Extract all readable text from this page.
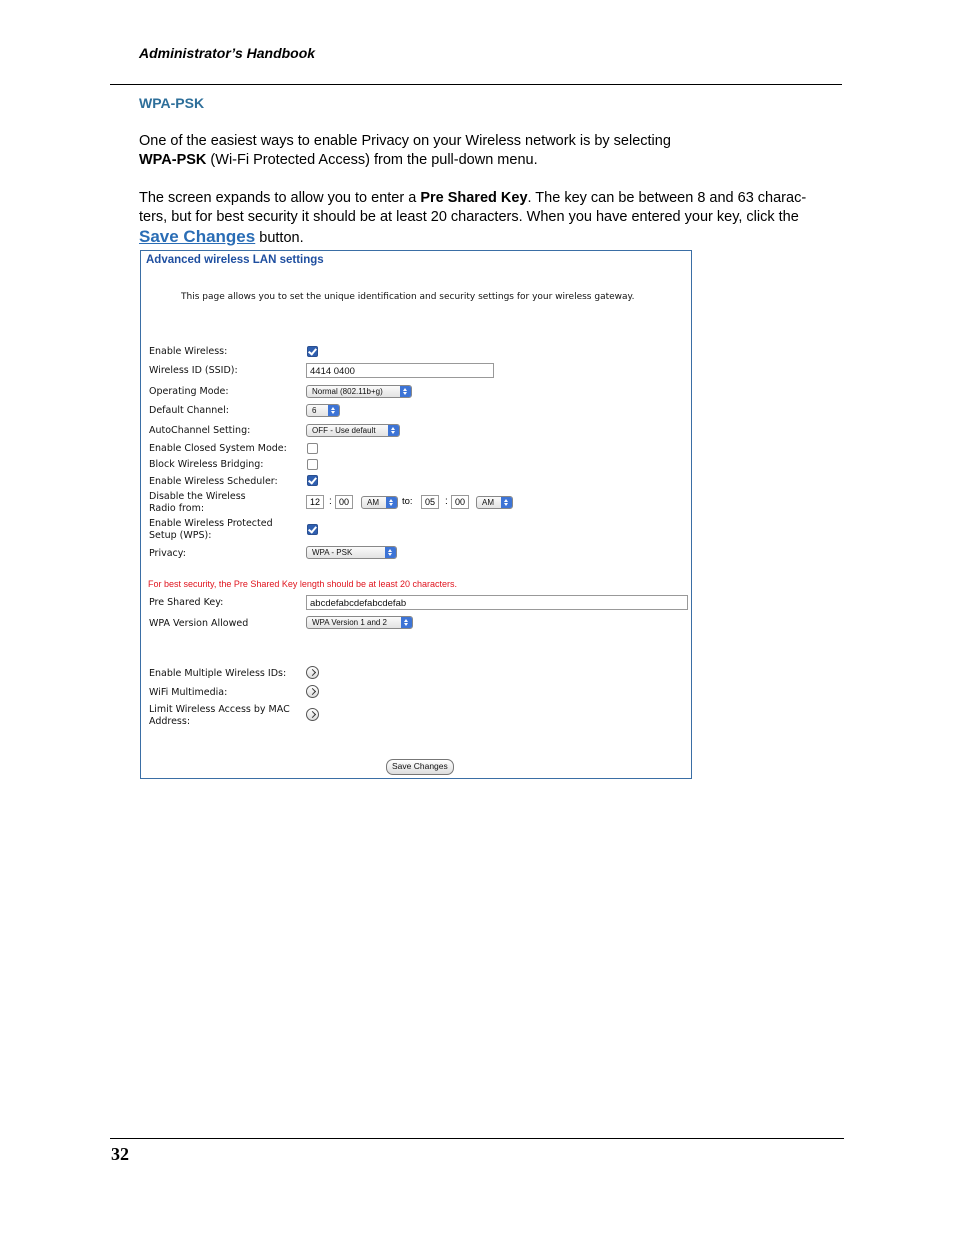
Administrator’s Handbook
WPA-PSK
One of the easiest ways to enable Privacy on your Wireless network is by selecting
WPA-PSK (Wi-Fi Protected Access) from the pull-down menu.
The screen expands to allow you to enter a Pre Shared Key. The key can be between 8 and 63 charac-
ters, but for best security it should be at least 20 characters. When you have entered your key, click the
Save Changes button.
Advanced wireless LAN settings
This page allows you to set the unique identification and security settings for your wireless gateway.
Enable Wireless:
Wireless ID (SSID):	4414 0400
Operating Mode:	Normal (802.11b+g)
Default Channel:	6
AutoChannel Setting:	OFF - Use default
Enable Closed System Mode:
Block Wireless Bridging:
Enable Wireless Scheduler:
Disable the Wireless Radio from:
12 : 00	AM	to:	05 : 00	AM
Enable Wireless Protected Setup (WPS):
Privacy:	WPA - PSK
For best security, the Pre Shared Key length should be at least 20 characters.
Pre Shared Key:	abcdefabcdefabcdefab
WPA Version Allowed	WPA Version 1 and 2
Enable Multiple Wireless IDs:
WiFi Multimedia:
Limit Wireless Access by MAC Address:
Save Changes
32
